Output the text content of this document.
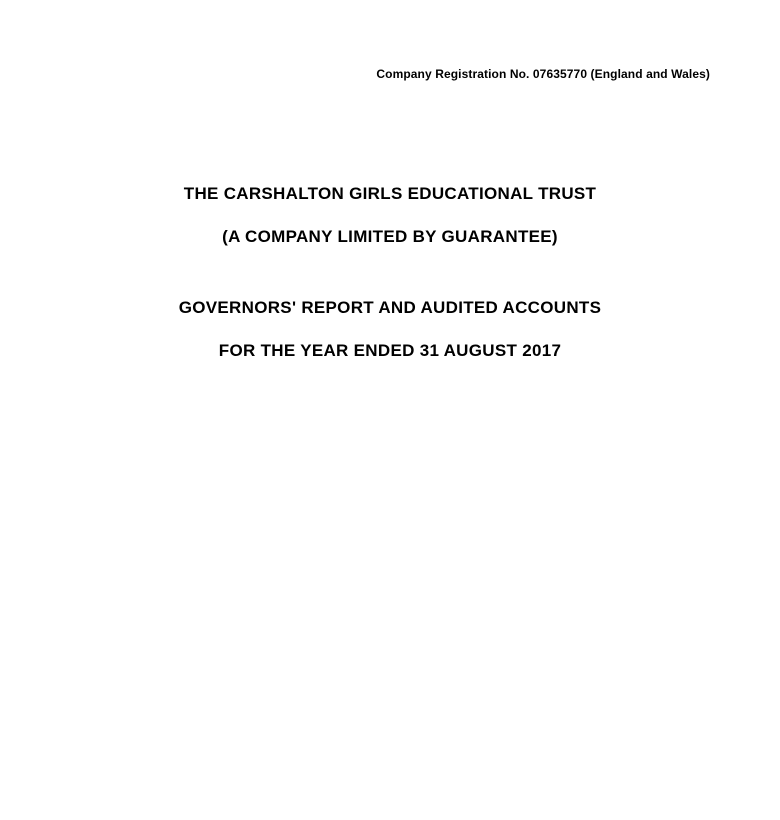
Company Registration No. 07635770 (England and Wales)
THE CARSHALTON GIRLS EDUCATIONAL TRUST
(A COMPANY LIMITED BY GUARANTEE)
GOVERNORS' REPORT AND AUDITED ACCOUNTS
FOR THE YEAR ENDED 31 AUGUST 2017
